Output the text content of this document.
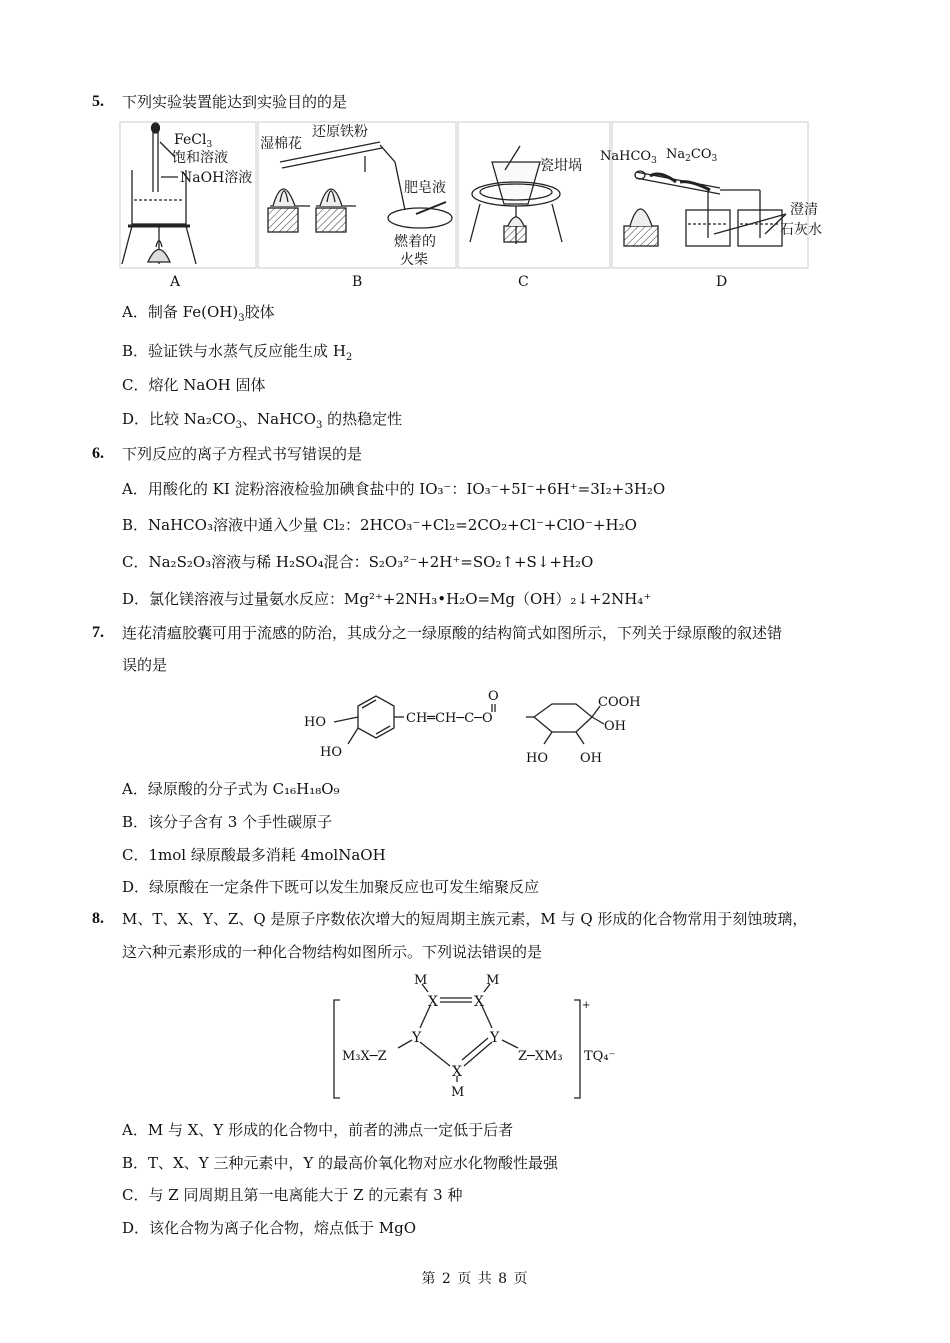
5. 下列实验装置能达到实验目的的是
FeCl$_3$
饱和溶液
NaOH溶液
湿棉花
还原铁粉
肥皂液
燃着的
火柴
瓷坩埚
NaHCO$_3$ $Na_2CO_3$
澄清
石灰水
A	B	C	D
A．制备 $Fe(OH)_3$胶体
B．验证铁与水蒸气反应能生成 $H_2$
C．熔化 NaOH 固体
D．比较 $Na_2CO_3$、NaHCO$_3$ 的热稳定性
6. 下列反应的离子方程式书写错误的是
A．用酸化的 KI 淀粉溶液检验加碘食盐中的 IO₃⁻：IO₃⁻+5I⁻+6H⁺=3I₂+3H₂O
B．NaHCO₃溶液中通入少量 Cl₂：2HCO₃⁻+Cl₂=2CO₂+Cl⁻+ClO⁻+H₂O
C．Na₂S₂O₃溶液与稀 H₂SO₄混合：S₂O₃²⁻+2H⁺=SO₂↑+S↓+H₂O
D．氯化镁溶液与过量氨水反应：Mg²⁺+2NH₃•H₂O=Mg（OH）₂↓+2NH₄⁺
7. 连花清瘟胶囊可用于流感的防治，其成分之一绿原酸的结构简式如图所示，下列关于绿原酸的叙述错
误的是
HO
HO
CH═CH─C─O
O	COOH
OH
HO OH
A．绿原酸的分子式为 C₁₆H₁₈O₉
B．该分子含有 3 个手性碳原子
C．1mol 绿原酸最多消耗 4molNaOH
D．绿原酸在一定条件下既可以发生加聚反应也可发生缩聚反应
8. M、T、X、Y、Z、Q 是原子序数依次增大的短周期主族元素，M 与 Q 形成的化合物常用于刻蚀玻璃，
这六种元素形成的一种化合物结构如图所示。下列说法错误的是
M	M
X	X
Y	Y
X
M
M₃X─Z	Z─XM₃
+
TQ₄⁻
A．M 与 X、Y 形成的化合物中，前者的沸点一定低于后者
B．T、X、Y 三种元素中，Y 的最高价氧化物对应水化物酸性最强
C．与 Z 同周期且第一电离能大于 Z 的元素有 3 种
D．该化合物为离子化合物，熔点低于 MgO
第 2 页 共 8 页
